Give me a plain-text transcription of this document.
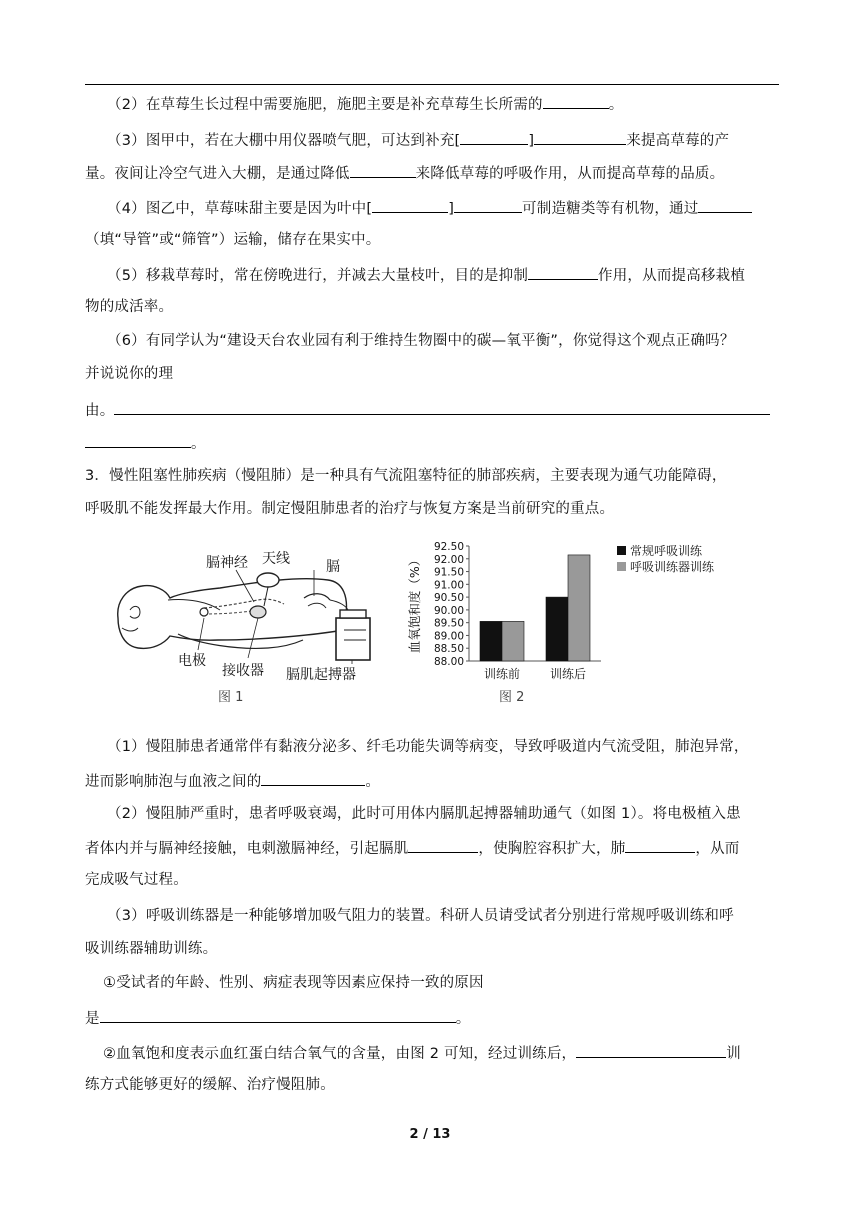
（2）在草莓生长过程中需要施肥，施肥主要是补充草莓生长所需的	。
（3）图甲中，若在大棚中用仪器喷气肥，可达到补充[	]	来提高草莓的产
量。夜间让冷空气进入大棚，是通过降低	来降低草莓的呼吸作用，从而提高草莓的品质。
（4）图乙中，草莓味甜主要是因为叶中[	]	可制造糖类等有机物，通过
（填“导管”或“筛管”）运输，储存在果实中。
（5）移栽草莓时，常在傍晚进行，并减去大量枝叶，目的是抑制	作用，从而提高移栽植
物的成活率。
（6）有同学认为“建设天台农业园有利于维持生物圈中的碳—氧平衡”，你觉得这个观点正确吗？
并说说你的理
由。
。
3．慢性阻塞性肺疾病（慢阻肺）是一种具有气流阻塞特征的肺部疾病，主要表现为通气功能障碍，
呼吸肌不能发挥最大作用。制定慢阻肺患者的治疗与恢复方案是当前研究的重点。
膈神经 天线	膈
电极
接收器 膈肌起搏器
图 1
血氧饱和度（%）
88.00
88.50
89.00
89.50
90.00
90.50
91.00
91.50
92.00
92.50
训练前 训练后
常规呼吸训练
呼吸训练器训练
图 2
（1）慢阻肺患者通常伴有黏液分泌多、纤毛功能失调等病变，导致呼吸道内气流受阻，肺泡异常，
进而影响肺泡与血液之间的	。
（2）慢阻肺严重时，患者呼吸衰竭，此时可用体内膈肌起搏器辅助通气（如图 1）。将电极植入患
者体内并与膈神经接触，电刺激膈神经，引起膈肌	，使胸腔容积扩大，肺	，从而
完成吸气过程。
（3）呼吸训练器是一种能够增加吸气阻力的装置。科研人员请受试者分别进行常规呼吸训练和呼
吸训练器辅助训练。
①受试者的年龄、性别、病症表现等因素应保持一致的原因
是	。
②血氧饱和度表示血红蛋白结合氧气的含量，由图 2 可知，经过训练后，	训
练方式能够更好的缓解、治疗慢阻肺。
2 / 13
